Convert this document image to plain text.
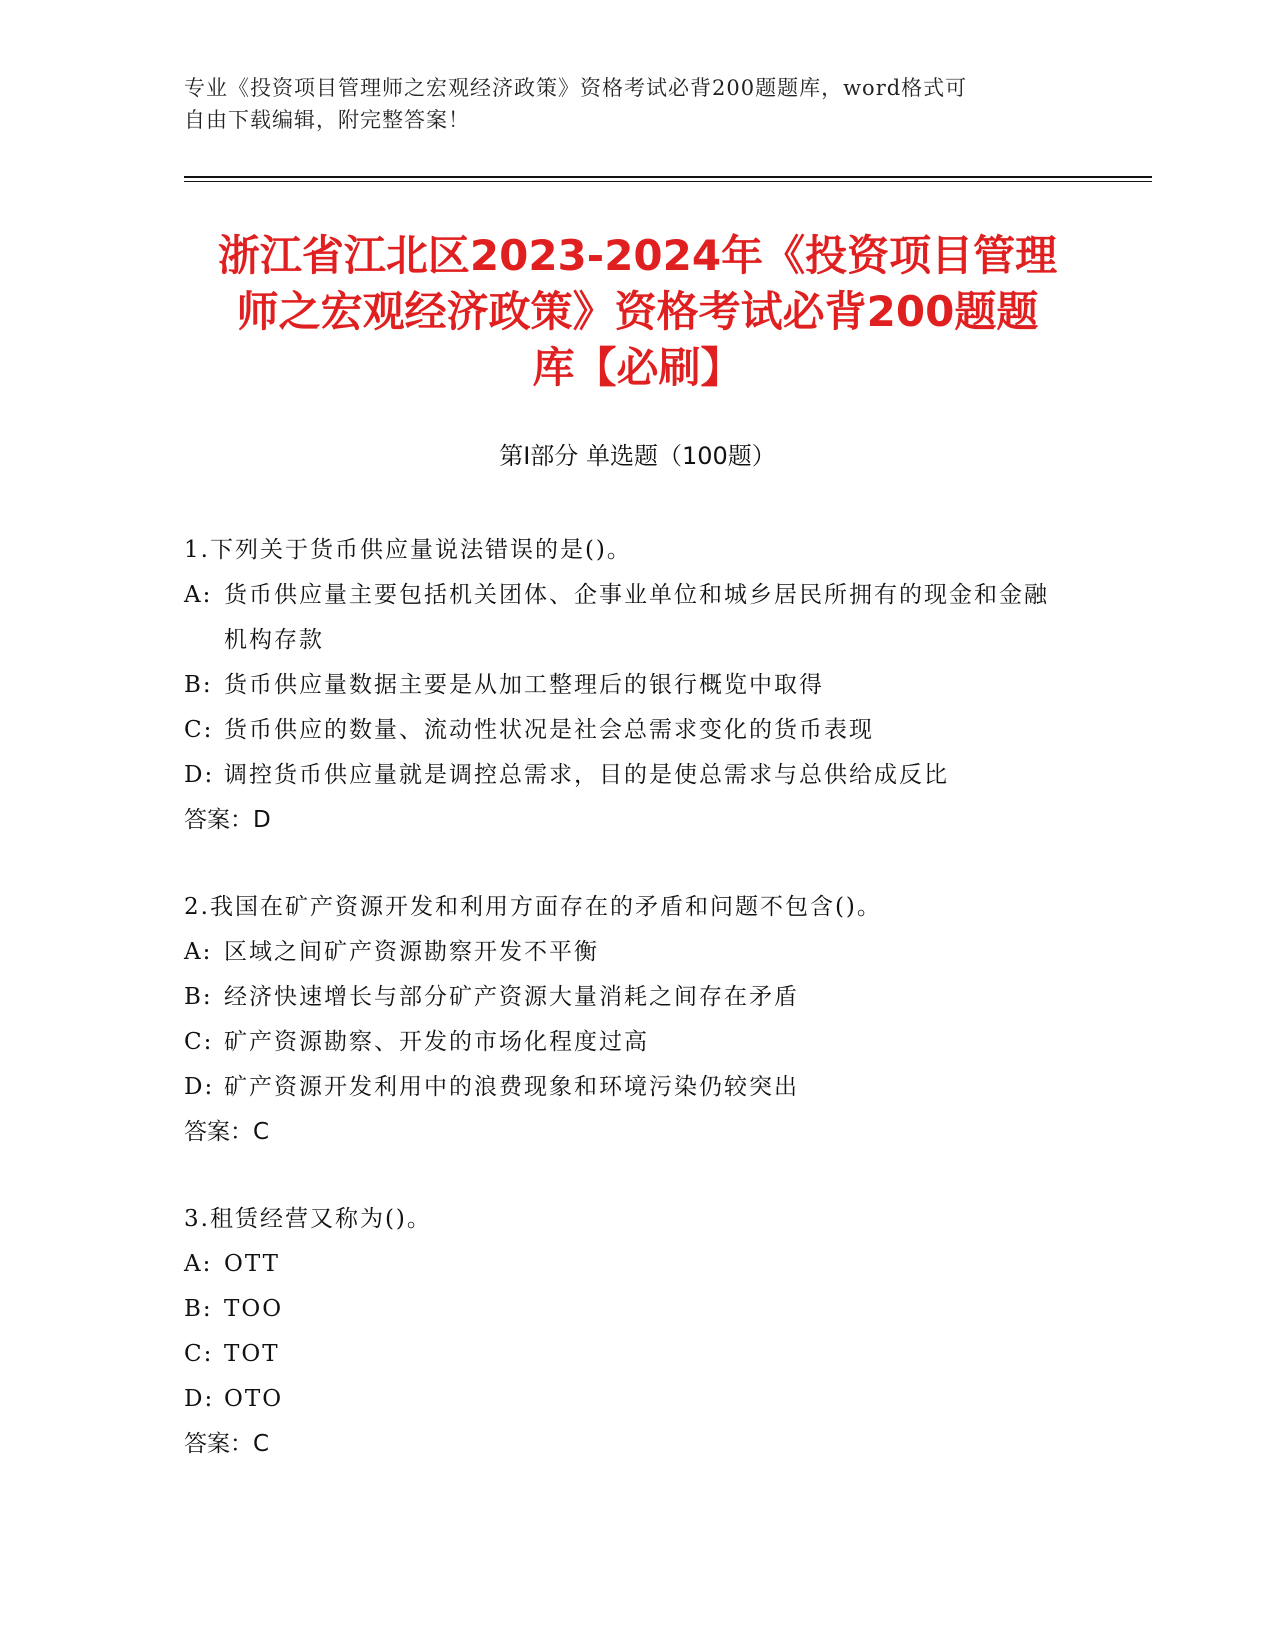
专业《投资项目管理师之宏观经济政策》资格考试必背200题题库，word格式可
自由下载编辑，附完整答案！
浙江省江北区2023-2024年《投资项目管理
师之宏观经济政策》资格考试必背200题题
库【必刷】
第Ⅰ部分 单选题（100题）
1.下列关于货币供应量说法错误的是()。
A: 货币供应量主要包括机关团体、企事业单位和城乡居民所拥有的现金和金融机构存款
B: 货币供应量数据主要是从加工整理后的银行概览中取得
C: 货币供应的数量、流动性状况是社会总需求变化的货币表现
D: 调控货币供应量就是调控总需求，目的是使总需求与总供给成反比
答案：D
2.我国在矿产资源开发和利用方面存在的矛盾和问题不包含()。
A: 区域之间矿产资源勘察开发不平衡
B: 经济快速增长与部分矿产资源大量消耗之间存在矛盾
C: 矿产资源勘察、开发的市场化程度过高
D: 矿产资源开发利用中的浪费现象和环境污染仍较突出
答案：C
3.租赁经营又称为()。
A: OTT
B: TOO
C: TOT
D: OTO
答案：C
